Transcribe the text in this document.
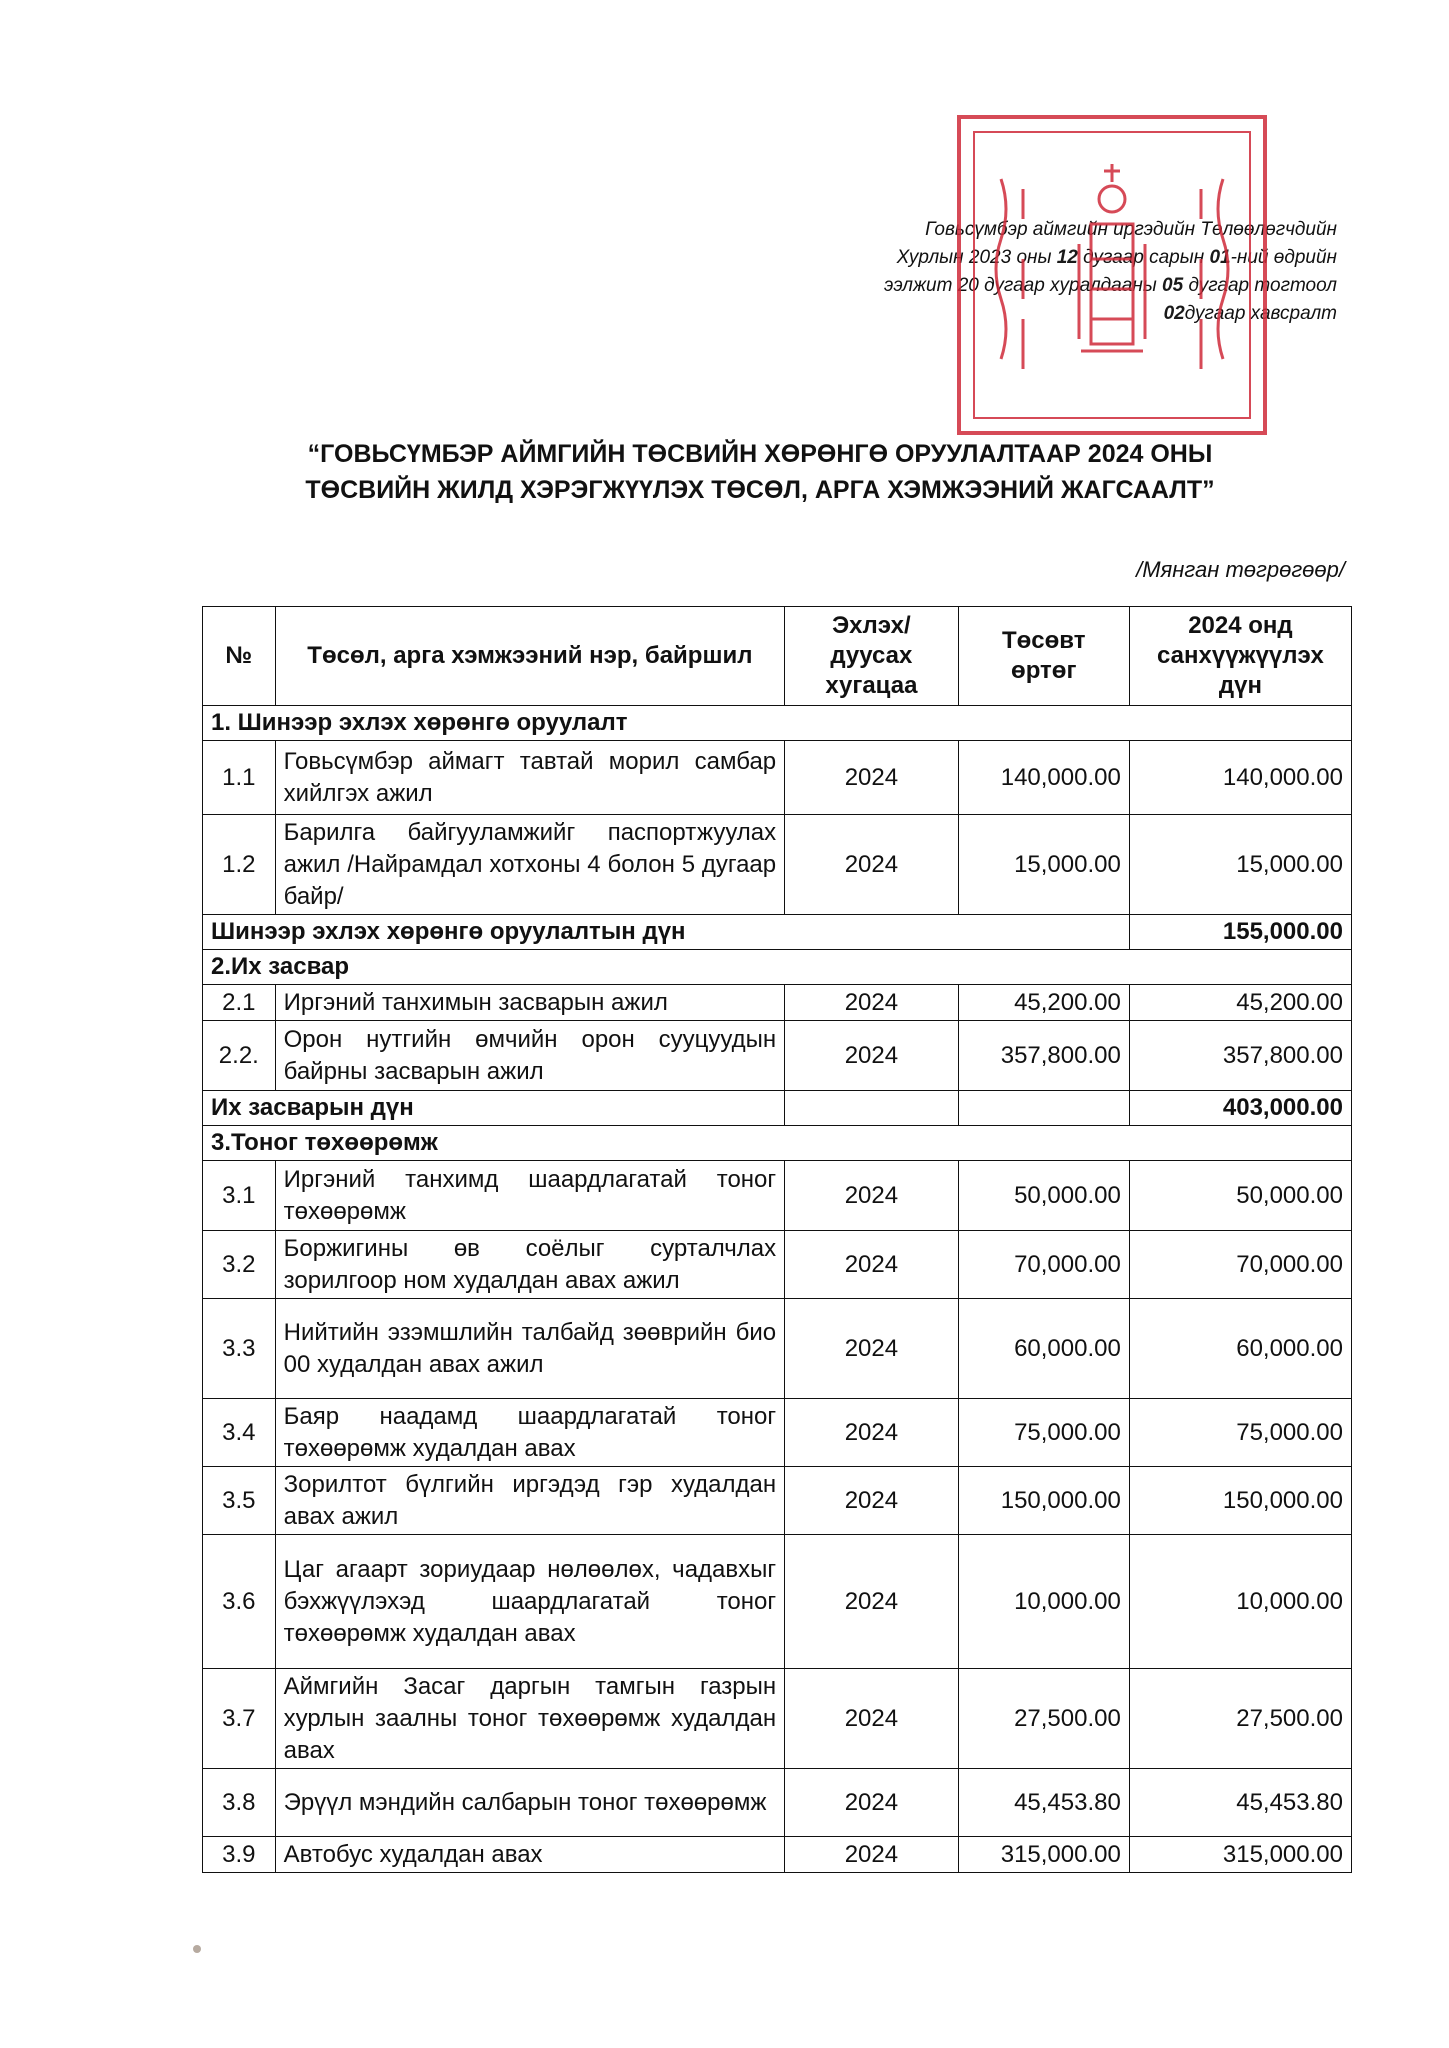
Говьсүмбэр аймгийн иргэдийн Төлөөлөгчдийн
Хурлын 2023 оны 12 дугаар сарын 01-ний өдрийн
ээлжит 20 дугаар хуралдааны 05 дугаар тогтоол
02дугаар хавсралт
“ГОВЬСҮМБЭР АЙМГИЙН ТӨСВИЙН ХӨРӨНГӨ ОРУУЛАЛТААР 2024 ОНЫ
ТӨСВИЙН ЖИЛД ХЭРЭГЖҮҮЛЭХ ТӨСӨЛ, АРГА ХЭМЖЭЭНИЙ ЖАГСААЛТ”
/Мянган төгрөгөөр/
№	Төсөл, арга хэмжээний нэр, байршил	Эхлэх/ дуусах хугацаа	Төсөвт өртөг	2024 онд санхүүжүүлэх дүн
1. Шинээр эхлэх хөрөнгө оруулалт				
1.1	Говьсүмбэр аймагт тавтай морил самбар хийлгэх ажил	2024	140,000.00	140,000.00
1.2	Барилга байгууламжийг паспортжуулах ажил /Найрамдал хотхоны 4 болон 5 дугаар байр/	2024	15,000.00	15,000.00
Шинээр эхлэх хөрөнгө оруулалтын дүн				155,000.00
2.Их засвар				
2.1	Иргэний танхимын засварын ажил	2024	45,200.00	45,200.00
2.2.	Орон нутгийн өмчийн орон сууцуудын байрны засварын ажил	2024	357,800.00	357,800.00
Их засварын дүн				403,000.00
3.Тоног төхөөрөмж				
3.1	Иргэний танхимд шаардлагатай тоног төхөөрөмж	2024	50,000.00	50,000.00
3.2	Боржигины өв соёлыг сурталчлах зорилгоор ном худалдан авах ажил	2024	70,000.00	70,000.00
3.3	Нийтийн эзэмшлийн талбайд зөөврийн био 00 худалдан авах ажил	2024	60,000.00	60,000.00
3.4	Баяр наадамд шаардлагатай тоног төхөөрөмж худалдан авах	2024	75,000.00	75,000.00
3.5	Зорилтот бүлгийн иргэдэд гэр худалдан авах ажил	2024	150,000.00	150,000.00
3.6	Цаг агаарт зориудаар нөлөөлөх, чадавхыг бэхжүүлэхэд шаардлагатай тоног төхөөрөмж худалдан авах	2024	10,000.00	10,000.00
3.7	Аймгийн Засаг даргын тамгын газрын хурлын заалны тоног төхөөрөмж худалдан авах	2024	27,500.00	27,500.00
3.8	Эрүүл мэндийн салбарын тоног төхөөрөмж	2024	45,453.80	45,453.80
3.9	Автобус худалдан авах	2024	315,000.00	315,000.00
